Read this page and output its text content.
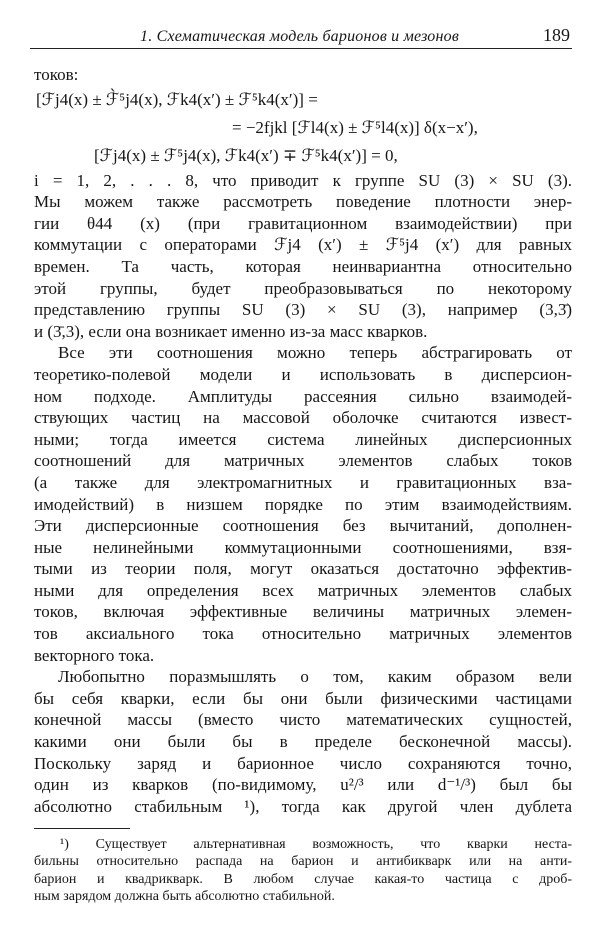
1. Схематическая модель барионов и мезонов	189
токов:
[ℱj4(x) ± ℱ̀⁵j4(x), ℱk4(x′) ± ℱ⁵k4(x′)] =
= −2fjkl [ℱl4(x) ± ℱ⁵l4(x)] δ(x−x′),
[ℱj4(x) ± ℱ⁵j4(x), ℱk4(x′) ∓ ℱ⁵k4(x′)] = 0,
i = 1, 2, . . . 8, что приводит к группе SU (3) × SU (3).
Мы можем также рассмотреть поведение плотности энер-
гии θ44 (x) (при гравитационном взаимодействии) при
коммутации с операторами ℱj4 (x′) ± ℱ⁵j4 (x′) для равных
времен. Та часть, которая неинвариантна относительно
этой группы, будет преобразовываться по некоторому
представлению группы SU (3) × SU (3), например (3,3̄)
и (3̄,3), если она возникает именно из-за масс кварков.
Все эти соотношения можно теперь абстрагировать от
теоретико-полевой модели и использовать в дисперсион-
ном подходе. Амплитуды рассеяния сильно взаимодей-
ствующих частиц на массовой оболочке считаются извест-
ными; тогда имеется система линейных дисперсионных
соотношений для матричных элементов слабых токов
(а также для электромагнитных и гравитационных вза-
имодействий) в низшем порядке по этим взаимодействиям.
Эти дисперсионные соотношения без вычитаний, дополнен-
ные нелинейными коммутационными соотношениями, взя-
тыми из теории поля, могут оказаться достаточно эффектив-
ными для определения всех матричных элементов слабых
токов, включая эффективные величины матричных элемен-
тов аксиального тока относительно матричных элементов
векторного тока.
Любопытно поразмышлять о том, каким образом вели
бы себя кварки, если бы они были физическими частицами
конечной массы (вместо чисто математических сущностей,
какими они были бы в пределе бесконечной массы).
Поскольку заряд и барионное число сохраняются точно,
один из кварков (по-видимому, u²/³ или d⁻¹/³) был бы
абсолютно стабильным ¹), тогда как другой член дублета
¹) Существует альтернативная возможность, что кварки неста-
бильны относительно распада на барион и антибикварк или на анти-
барион и квадрикварк. В любом случае какая-то частица с дроб-
ным зарядом должна быть абсолютно стабильной.
